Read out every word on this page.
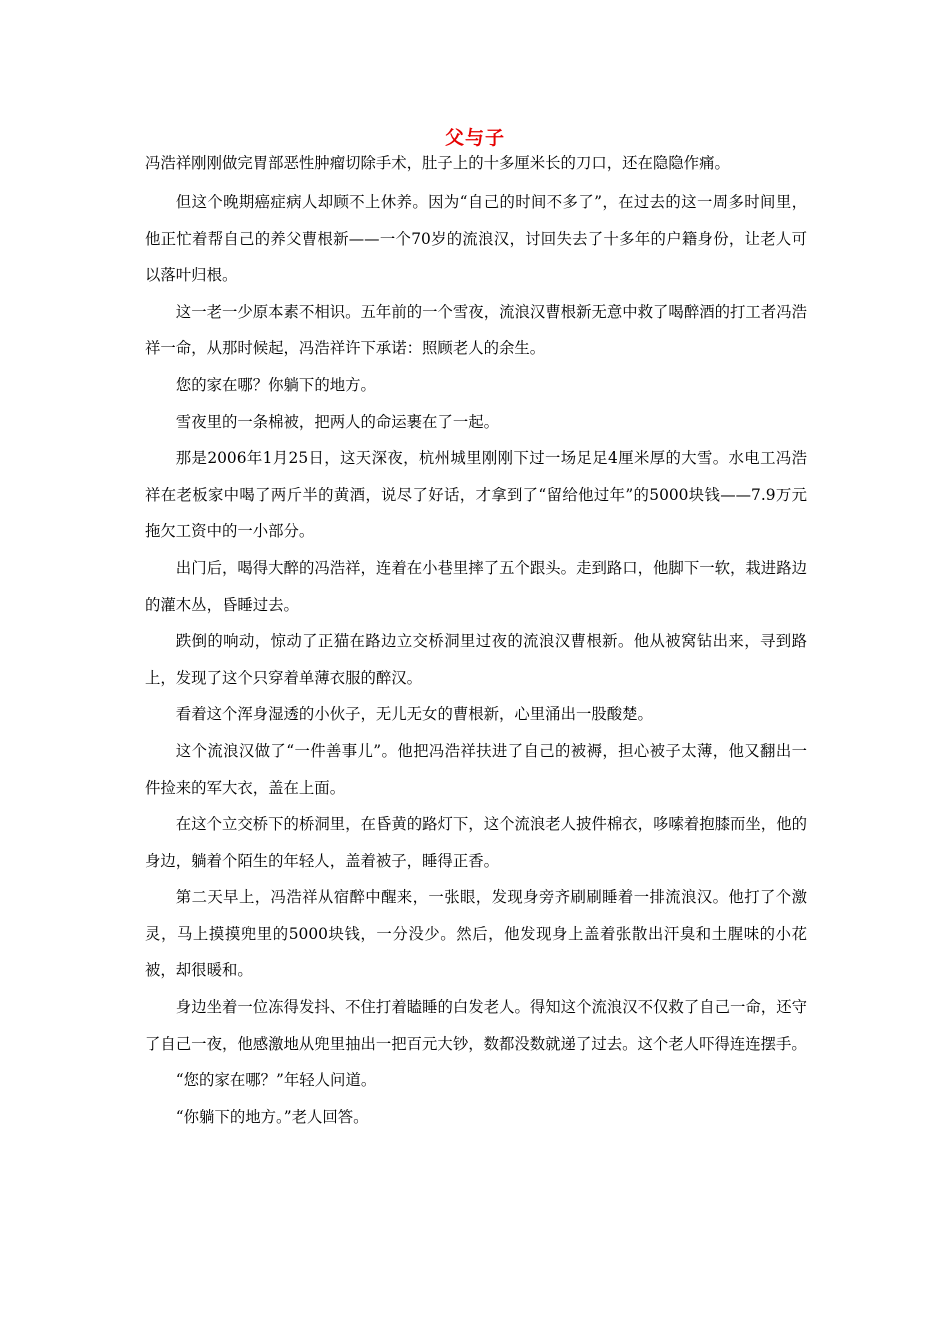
父与子

冯浩祥刚刚做完胃部恶性肿瘤切除手术，肚子上的十多厘米长的刀口，还在隐隐作痛。

但这个晚期癌症病人却顾不上休养。因为“自己的时间不多了”，在过去的这一周多时间里，他正忙着帮自己的养父曹根新——一个70岁的流浪汉，讨回失去了十多年的户籍身份，让老人可以落叶归根。

这一老一少原本素不相识。五年前的一个雪夜，流浪汉曹根新无意中救了喝醉酒的打工者冯浩祥一命，从那时候起，冯浩祥许下承诺：照顾老人的余生。

您的家在哪？你躺下的地方。

雪夜里的一条棉被，把两人的命运裹在了一起。

那是2006年1月25日，这天深夜，杭州城里刚刚下过一场足足4厘米厚的大雪。水电工冯浩祥在老板家中喝了两斤半的黄酒，说尽了好话，才拿到了“留给他过年”的5000块钱——7.9万元拖欠工资中的一小部分。

出门后，喝得大醉的冯浩祥，连着在小巷里摔了五个跟头。走到路口，他脚下一软，栽进路边的灌木丛，昏睡过去。

跌倒的响动，惊动了正猫在路边立交桥洞里过夜的流浪汉曹根新。他从被窝钻出来，寻到路上，发现了这个只穿着单薄衣服的醉汉。

看着这个浑身湿透的小伙子，无儿无女的曹根新，心里涌出一股酸楚。

这个流浪汉做了“一件善事儿”。他把冯浩祥扶进了自己的被褥，担心被子太薄，他又翻出一件捡来的军大衣，盖在上面。

在这个立交桥下的桥洞里，在昏黄的路灯下，这个流浪老人披件棉衣，哆嗦着抱膝而坐，他的身边，躺着个陌生的年轻人，盖着被子，睡得正香。

第二天早上，冯浩祥从宿醉中醒来，一张眼，发现身旁齐刷刷睡着一排流浪汉。他打了个激灵，马上摸摸兜里的5000块钱，一分没少。然后，他发现身上盖着张散出汗臭和土腥味的小花被，却很暖和。

身边坐着一位冻得发抖、不住打着瞌睡的白发老人。得知这个流浪汉不仅救了自己一命，还守了自己一夜，他感激地从兜里抽出一把百元大钞，数都没数就递了过去。这个老人吓得连连摆手。

“您的家在哪？”年轻人问道。

“你躺下的地方。”老人回答。
